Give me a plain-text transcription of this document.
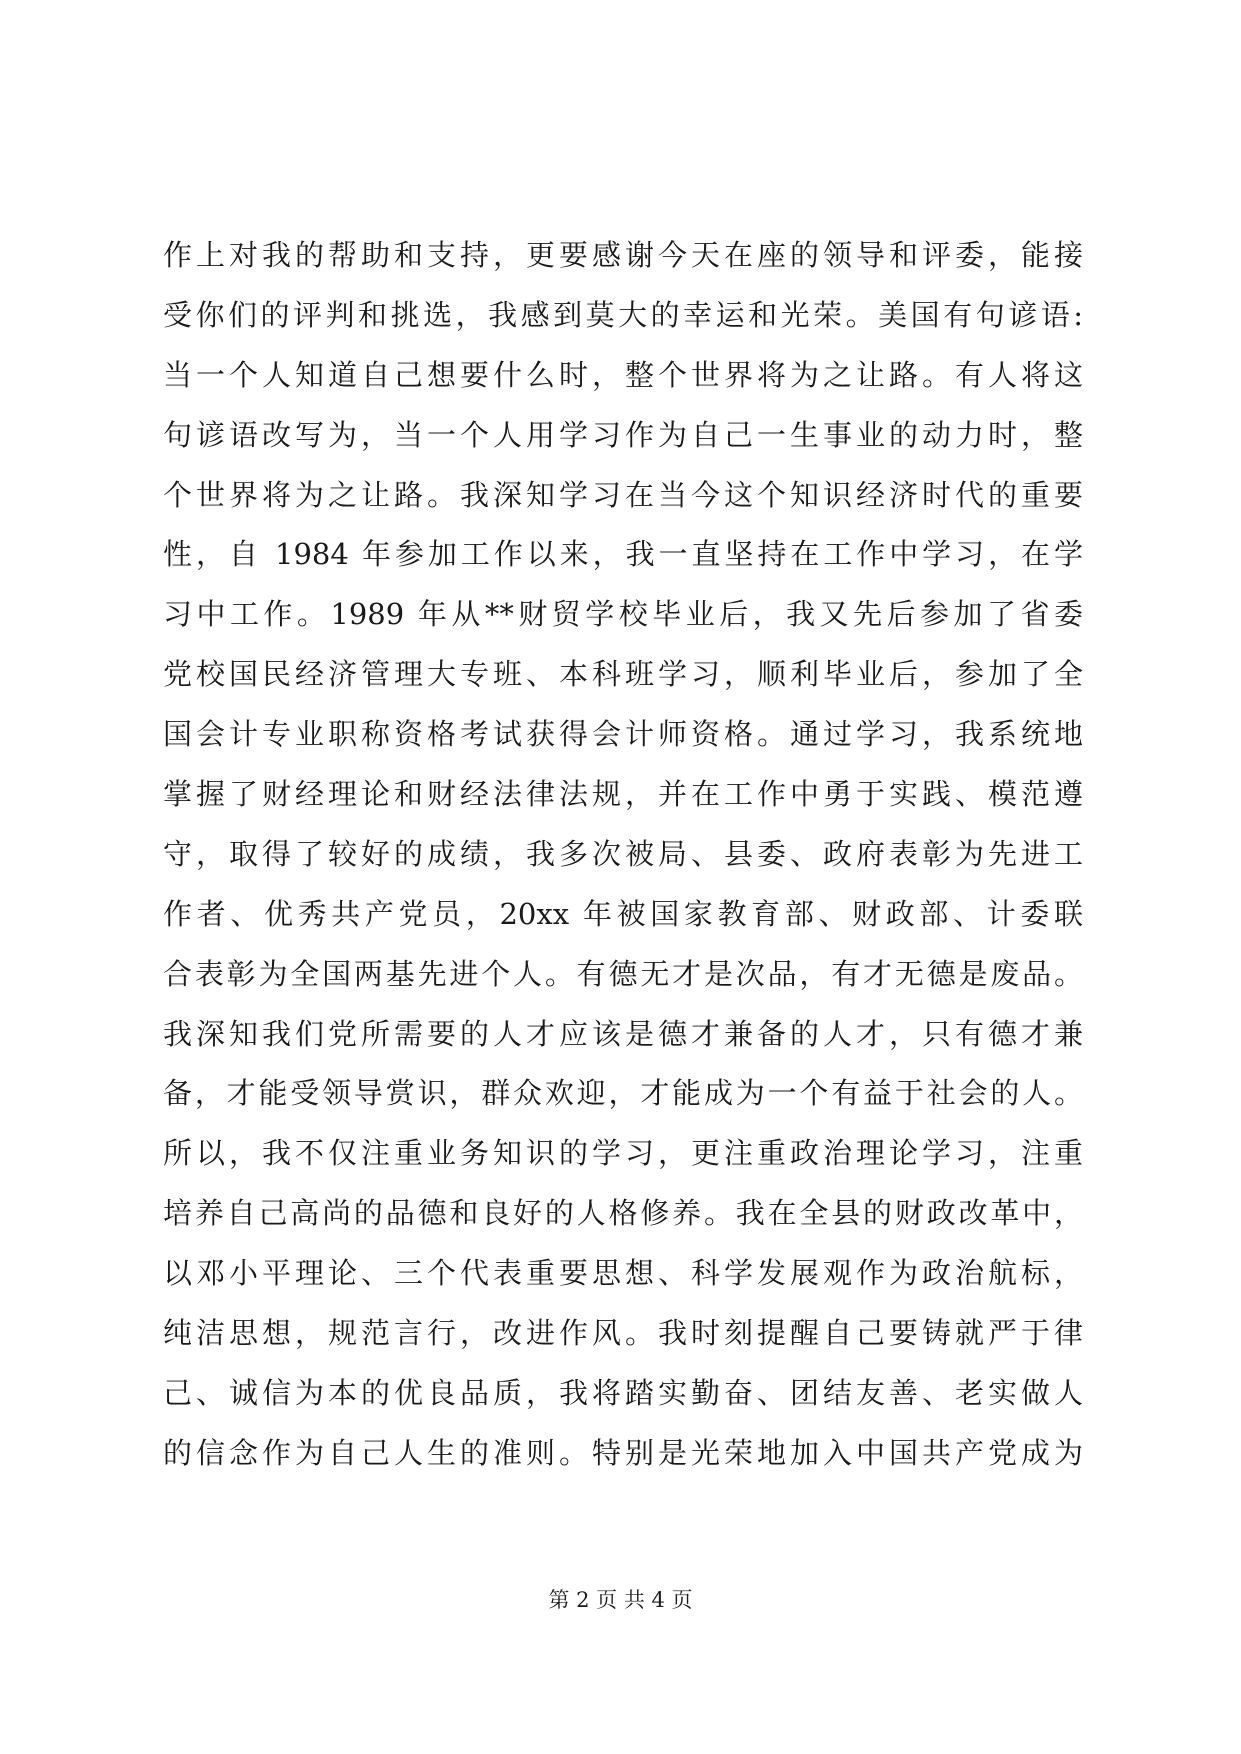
作上对我的帮助和支持，更要感谢今天在座的领导和评委，能接
受你们的评判和挑选，我感到莫大的幸运和光荣。美国有句谚语:
当一个人知道自己想要什么时，整个世界将为之让路。有人将这
句谚语改写为，当一个人用学习作为自己一生事业的动力时，整
个世界将为之让路。我深知学习在当今这个知识经济时代的重要
性，自 1984 年参加工作以来，我一直坚持在工作中学习，在学
习中工作。1989 年从**财贸学校毕业后，我又先后参加了省委
党校国民经济管理大专班、本科班学习，顺利毕业后，参加了全
国会计专业职称资格考试获得会计师资格。通过学习，我系统地
掌握了财经理论和财经法律法规，并在工作中勇于实践、模范遵
守，取得了较好的成绩，我多次被局、县委、政府表彰为先进工
作者、优秀共产党员，20xx 年被国家教育部、财政部、计委联
合表彰为全国两基先进个人。有德无才是次品，有才无德是废品。
我深知我们党所需要的人才应该是德才兼备的人才，只有德才兼
备，才能受领导赏识，群众欢迎，才能成为一个有益于社会的人。
所以，我不仅注重业务知识的学习，更注重政治理论学习，注重
培养自己高尚的品德和良好的人格修养。我在全县的财政改革中，
以邓小平理论、三个代表重要思想、科学发展观作为政治航标，
纯洁思想，规范言行，改进作风。我时刻提醒自己要铸就严于律
己、诚信为本的优良品质，我将踏实勤奋、团结友善、老实做人
的信念作为自己人生的准则。特别是光荣地加入中国共产党成为
第 2 页 共 4 页
